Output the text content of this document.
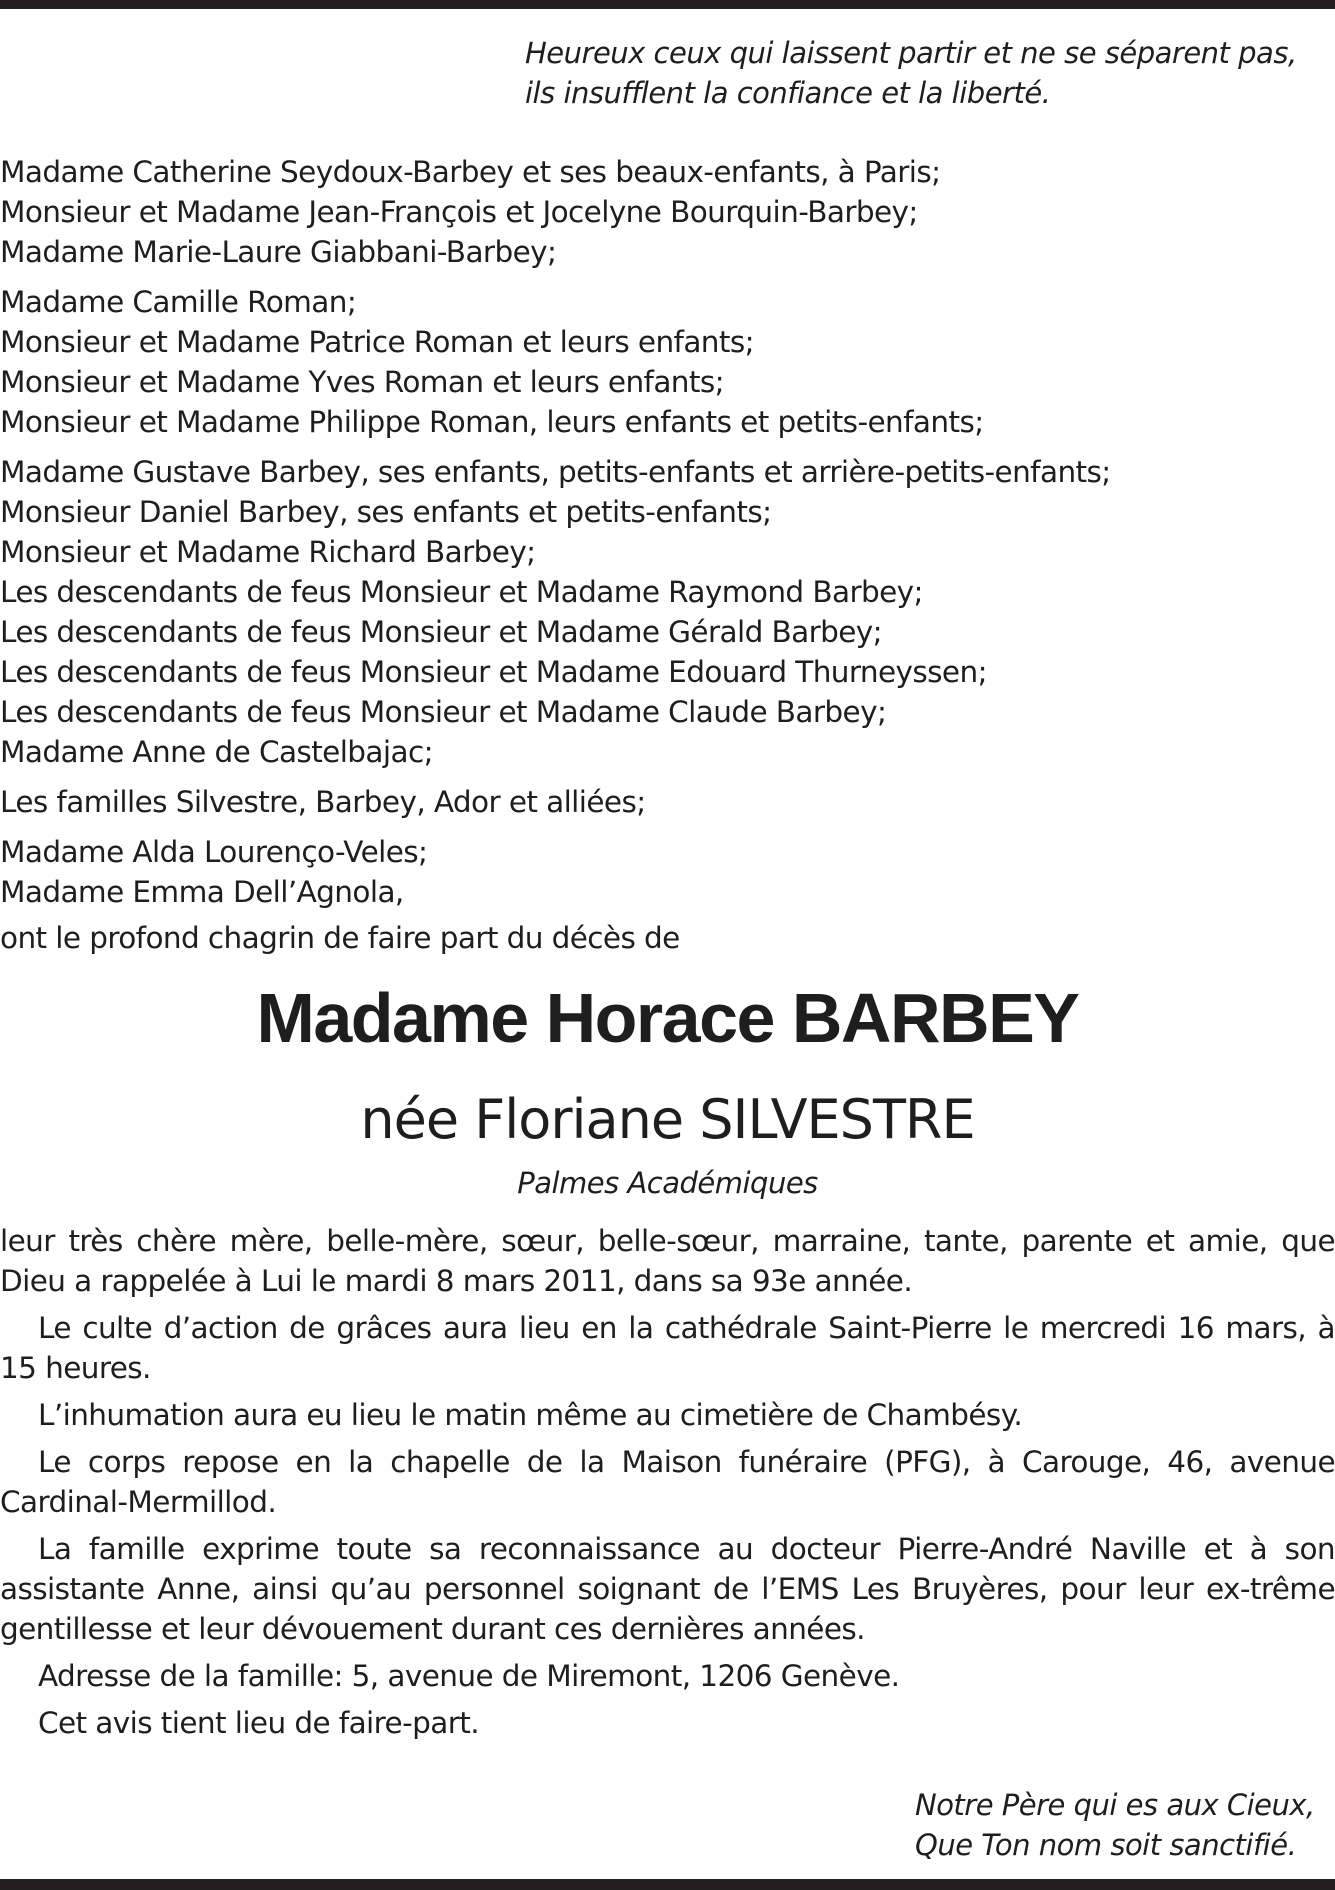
Heureux ceux qui laissent partir et ne se séparent pas,
ils insufflent la confiance et la liberté.
Madame Catherine Seydoux-Barbey et ses beaux-enfants, à Paris;
Monsieur et Madame Jean-François et Jocelyne Bourquin-Barbey;
Madame Marie-Laure Giabbani-Barbey;
Madame Camille Roman;
Monsieur et Madame Patrice Roman et leurs enfants;
Monsieur et Madame Yves Roman et leurs enfants;
Monsieur et Madame Philippe Roman, leurs enfants et petits-enfants;
Madame Gustave Barbey, ses enfants, petits-enfants et arrière-petits-enfants;
Monsieur Daniel Barbey, ses enfants et petits-enfants;
Monsieur et Madame Richard Barbey;
Les descendants de feus Monsieur et Madame Raymond Barbey;
Les descendants de feus Monsieur et Madame Gérald Barbey;
Les descendants de feus Monsieur et Madame Edouard Thurneyssen;
Les descendants de feus Monsieur et Madame Claude Barbey;
Madame Anne de Castelbajac;
Les familles Silvestre, Barbey, Ador et alliées;
Madame Alda Lourenço-Veles;
Madame Emma Dell’Agnola,
ont le profond chagrin de faire part du décès de
Madame Horace BARBEY
née Floriane SILVESTRE
Palmes Académiques
leur très chère mère, belle-mère, sœur, belle-sœur, marraine, tante, parente et amie, que Dieu a rappelée à Lui le mardi 8 mars 2011, dans sa 93e année.
Le culte d’action de grâces aura lieu en la cathédrale Saint-Pierre le mercredi 16 mars, à 15 heures.
L’inhumation aura eu lieu le matin même au cimetière de Chambésy.
Le corps repose en la chapelle de la Maison funéraire (PFG), à Carouge, 46, avenue Cardinal-Mermillod.
La famille exprime toute sa reconnaissance au docteur Pierre-André Naville et à son assistante Anne, ainsi qu’au personnel soignant de l’EMS Les Bruyères, pour leur ex-trême gentillesse et leur dévouement durant ces dernières années.
Adresse de la famille: 5, avenue de Miremont, 1206 Genève.
Cet avis tient lieu de faire-part.
Notre Père qui es aux Cieux,
Que Ton nom soit sanctifié.
